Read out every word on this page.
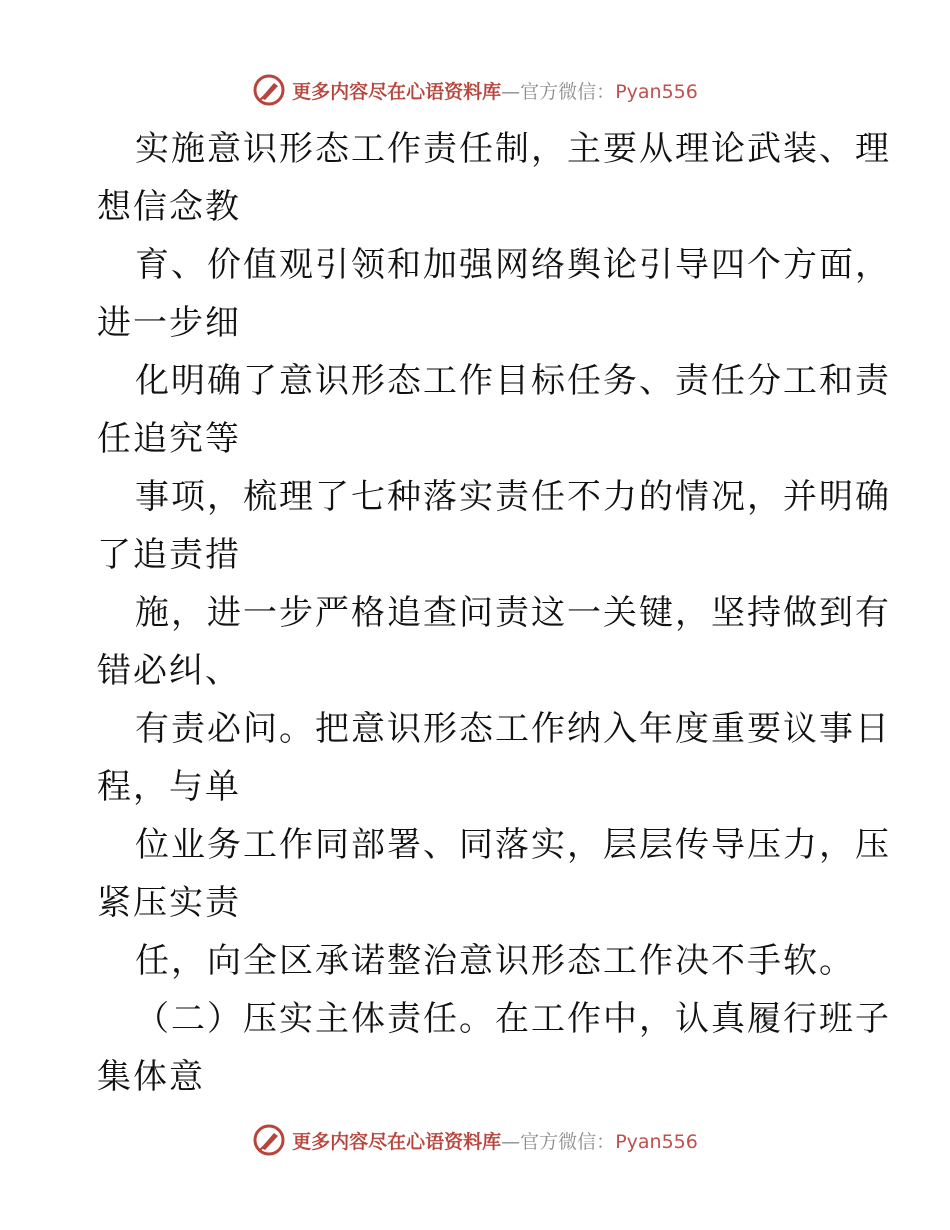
更多内容尽在心语资料库—官方微信：Pyan556
实施意识形态工作责任制，主要从理论武装、理
想信念教
育、价值观引领和加强网络舆论引导四个方面，
进一步细
化明确了意识形态工作目标任务、责任分工和责
任追究等
事项，梳理了七种落实责任不力的情况，并明确
了追责措
施，进一步严格追查问责这一关键，坚持做到有
错必纠、
有责必问。把意识形态工作纳入年度重要议事日
程，与单
位业务工作同部署、同落实，层层传导压力，压
紧压实责
任，向全区承诺整治意识形态工作决不手软。
（二）压实主体责任。在工作中，认真履行班子
集体意
更多内容尽在心语资料库—官方微信：Pyan556
